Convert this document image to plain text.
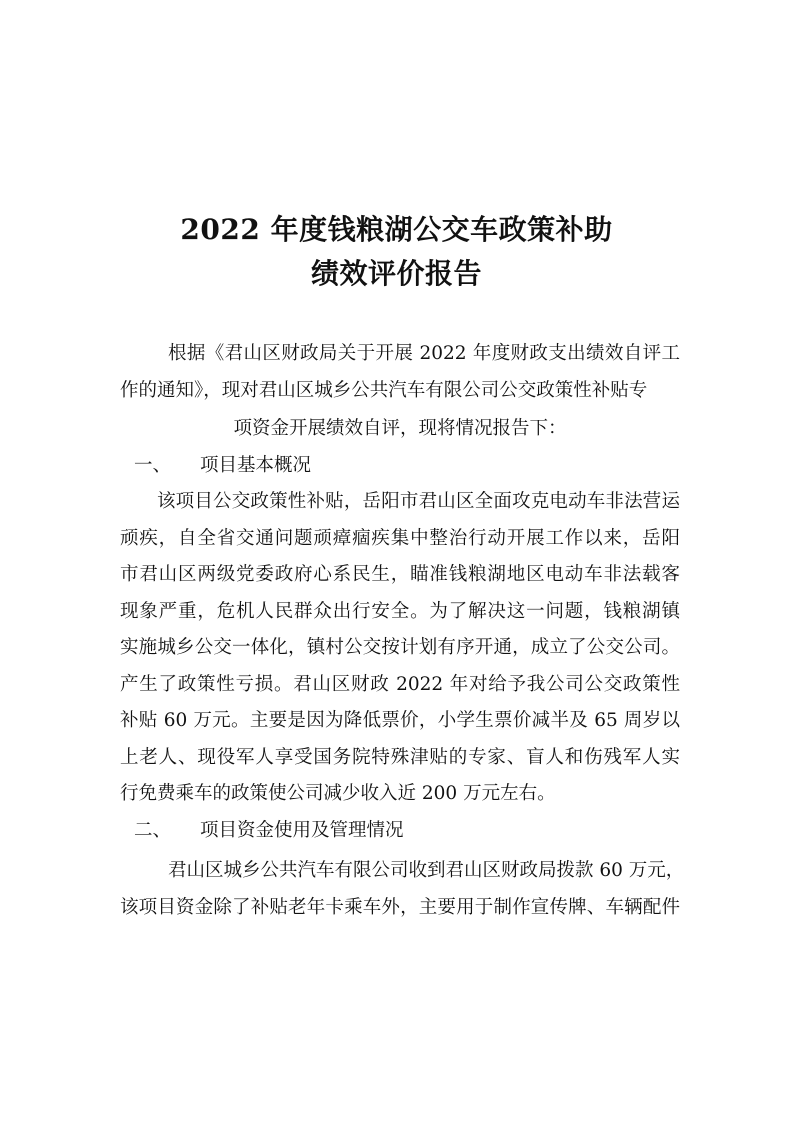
2022 年度钱粮湖公交车政策补助
绩效评价报告
根据《君山区财政局关于开展 2022 年度财政支出绩效自评工
作的通知》，现对君山区城乡公共汽车有限公司公交政策性补贴专
项资金开展绩效自评，现将情况报告下：
一、 项目基本概况
该项目公交政策性补贴，岳阳市君山区全面攻克电动车非法营运
顽疾，自全省交通问题顽瘴痼疾集中整治行动开展工作以来，岳阳
市君山区两级党委政府心系民生，瞄准钱粮湖地区电动车非法载客
现象严重，危机人民群众出行安全。为了解决这一问题，钱粮湖镇
实施城乡公交一体化，镇村公交按计划有序开通，成立了公交公司。
产生了政策性亏损。君山区财政 2022 年对给予我公司公交政策性
补贴 60 万元。主要是因为降低票价，小学生票价减半及 65 周岁以
上老人、现役军人享受国务院特殊津贴的专家、盲人和伤残军人实
行免费乘车的政策使公司减少收入近 200 万元左右。
二、 项目资金使用及管理情况
君山区城乡公共汽车有限公司收到君山区财政局拨款 60 万元，
该项目资金除了补贴老年卡乘车外，主要用于制作宣传牌、车辆配件
